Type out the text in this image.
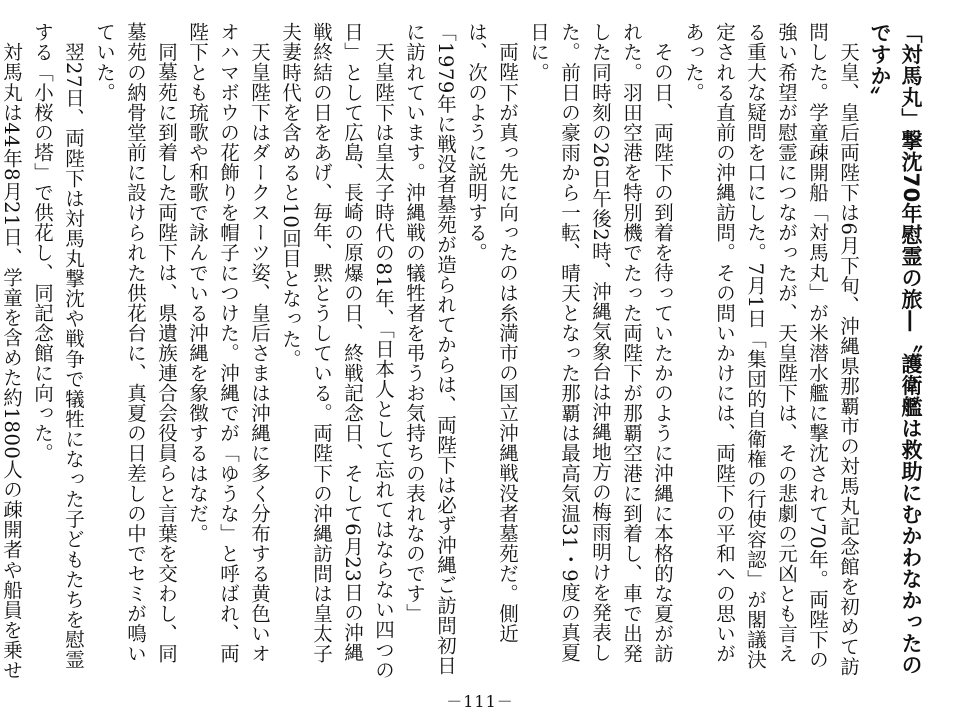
「対馬丸」撃沈70年慰霊の旅―〝護衛艦は救助にむかわなかったのですか〟

天皇、皇后両陛下は6月下旬、沖縄県那覇市の対馬丸記念館を初めて訪問した。学童疎開船「対馬丸」が米潜水艦に撃沈されて70年。両陛下の強い希望が慰霊につながったが、天皇陛下は、その悲劇の元凶とも言える重大な疑問を口にした。7月1日「集団的自衛権の行使容認」が閣議決定される直前の沖縄訪問。その問いかけには、両陛下の平和への思いがあった。

その日、両陛下の到着を待っていたかのように沖縄に本格的な夏が訪れた。羽田空港を特別機でたった両陛下が那覇空港に到着し、車で出発した同時刻の26日午後2時、沖縄気象台は沖縄地方の梅雨明けを発表した。前日の豪雨から一転、晴天となった那覇は最高気温31・9度の真夏日に。

両陛下が真っ先に向ったのは糸満市の国立沖縄戦没者墓苑だ。側近は、次のように説明する。

「1979年に戦没者墓苑が造られてからは、両陛下は必ず沖縄ご訪問初日に訪れています。沖縄戦の犠牲者を弔うお気持ちの表れなのです」

天皇陛下は皇太子時代の81年、「日本人として忘れてはならない四つの日」として広島、長崎の原爆の日、終戦記念日、そして6月23日の沖縄戦終結の日をあげ、毎年、黙とうしている。両陛下の沖縄訪問は皇太子夫妻時代を含めると10回目となった。

天皇陛下はダークスーツ姿、皇后さまは沖縄に多く分布する黄色いオオハマボウの花飾りを帽子につけた。沖縄でが「ゆうな」と呼ばれ、両陛下とも琉歌や和歌で詠んでいる沖縄を象徴するはなだ。

同墓苑に到着した両陛下は、県遺族連合会役員らと言葉を交わし、同墓苑の納骨堂前に設けられた供花台に、真夏の日差しの中でセミが鳴いていた。

翌27日、両陛下は対馬丸撃沈や戦争で犠牲になった子どもたちを慰霊する「小桜の塔」で供花し、同記念館に向った。

対馬丸は44年8月21日、学童を含めた約1800人の疎開者や船員を乗せ

－111－
